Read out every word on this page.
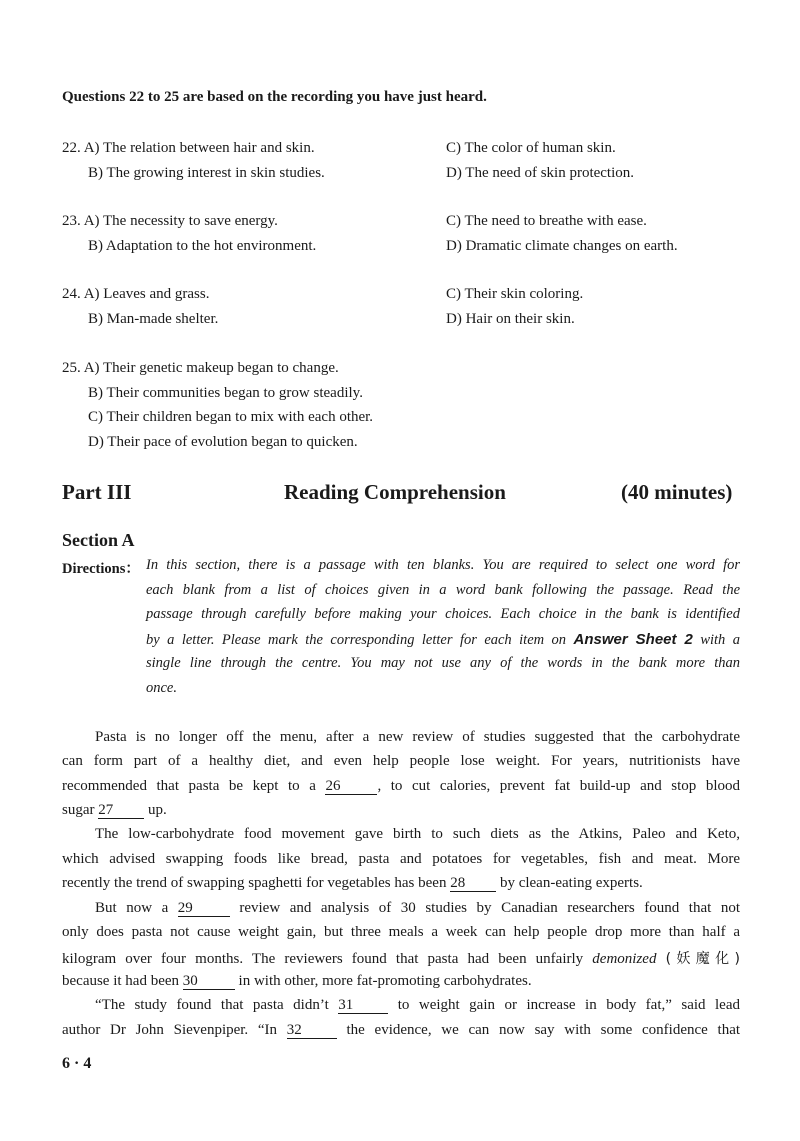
Questions 22 to 25 are based on the recording you have just heard.
22. A) The relation between hair and skin.
B) The growing interest in skin studies.
C) The color of human skin.
D) The need of skin protection.
23. A) The necessity to save energy.
B) Adaptation to the hot environment.
C) The need to breathe with ease.
D) Dramatic climate changes on earth.
24. A) Leaves and grass.
B) Man-made shelter.
C) Their skin coloring.
D) Hair on their skin.
25. A) Their genetic makeup began to change.
B) Their communities began to grow steadily.
C) Their children began to mix with each other.
D) Their pace of evolution began to quicken.
Part III	Reading Comprehension	(40 minutes)
Section A
Directions： In this section, there is a passage with ten blanks. You are required to select one word for
each blank from a list of choices given in a word bank following the passage. Read the
passage through carefully before making your choices. Each choice in the bank is identified
by a letter. Please mark the corresponding letter for each item on Answer Sheet 2 with a
single line through the centre. You may not use any of the words in the bank more than
once.
Pasta is no longer off the menu, after a new review of studies suggested that the carbohydrate
can form part of a healthy diet, and even help people lose weight. For years, nutritionists have
recommended that pasta be kept to a 26 , to cut calories, prevent fat build-up and stop blood
sugar 27 up.
The low-carbohydrate food movement gave birth to such diets as the Atkins, Paleo and Keto,
which advised swapping foods like bread, pasta and potatoes for vegetables, fish and meat. More
recently the trend of swapping spaghetti for vegetables has been 28 by clean-eating experts.
But now a 29	review and analysis of 30 studies by Canadian researchers found that not
only does pasta not cause weight gain, but three meals a week can help people drop more than half a
kilogram over four months. The reviewers found that pasta had been unfairly demonized (妖魔化)
because it had been 30	in with other, more fat-promoting carbohydrates.
“The study found that pasta didn’t 31	to weight gain or increase in body fat,” said lead
author Dr John Sievenpiper. “In 32	the evidence, we can now say with some confidence that
6 · 4
